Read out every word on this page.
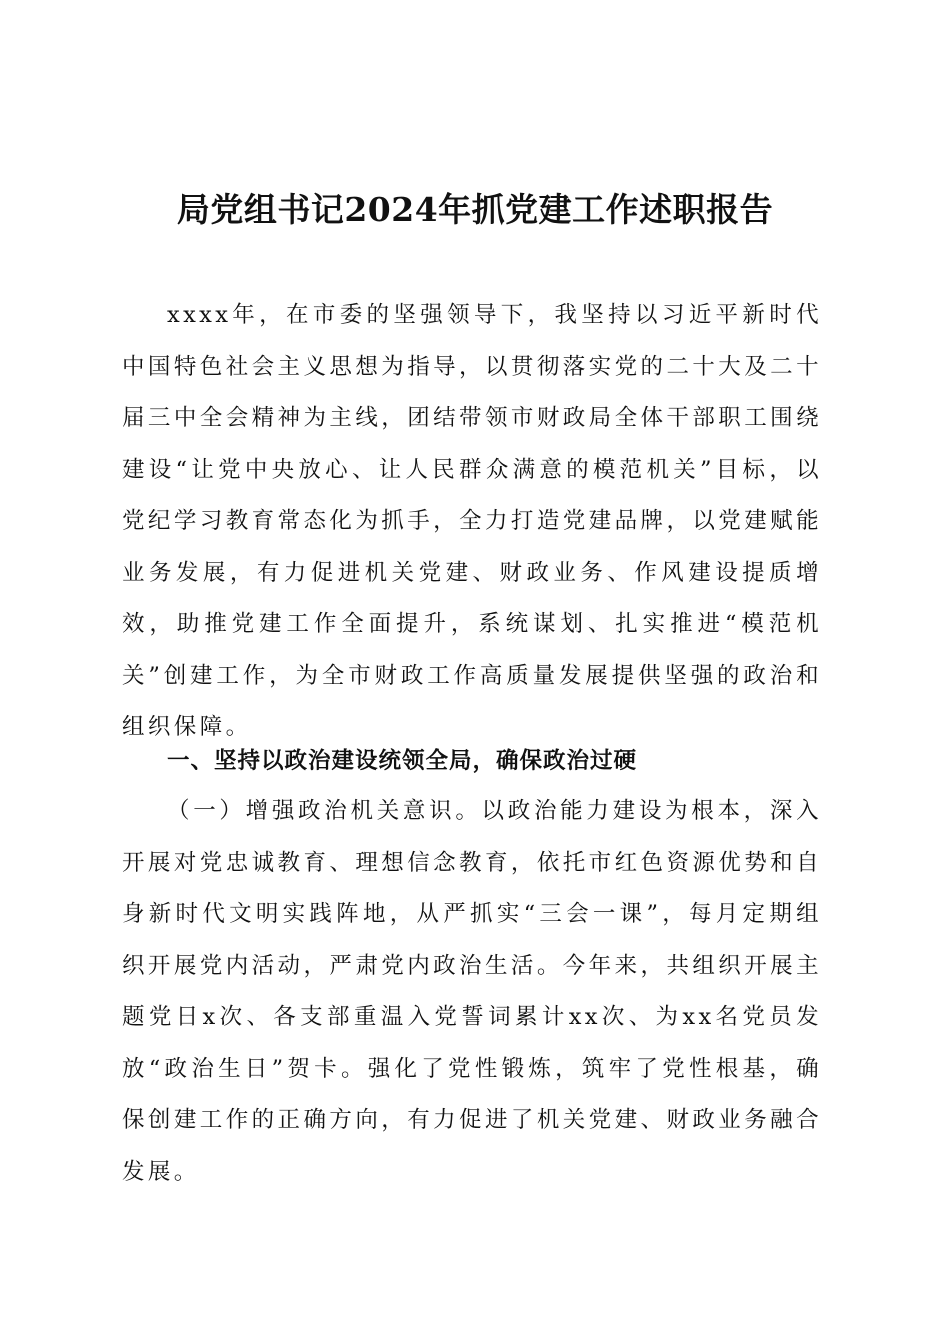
局党组书记2024年抓党建工作述职报告
xxxx年，在市委的坚强领导下，我坚持以习近平新时代中国特色社会主义思想为指导，以贯彻落实党的二十大及二十届三中全会精神为主线，团结带领市财政局全体干部职工围绕建设“让党中央放心、让人民群众满意的模范机关”目标，以党纪学习教育常态化为抓手，全力打造党建品牌，以党建赋能业务发展，有力促进机关党建、财政业务、作风建设提质增效，助推党建工作全面提升，系统谋划、扎实推进“模范机关”创建工作，为全市财政工作高质量发展提供坚强的政治和组织保障。
一、坚持以政治建设统领全局，确保政治过硬
（一）增强政治机关意识。以政治能力建设为根本，深入开展对党忠诚教育、理想信念教育，依托市红色资源优势和自身新时代文明实践阵地，从严抓实“三会一课”，每月定期组织开展党内活动，严肃党内政治生活。今年来，共组织开展主题党日x次、各支部重温入党誓词累计xx次、为xx名党员发放“政治生日”贺卡。强化了党性锻炼，筑牢了党性根基，确保创建工作的正确方向，有力促进了机关党建、财政业务融合发展。
